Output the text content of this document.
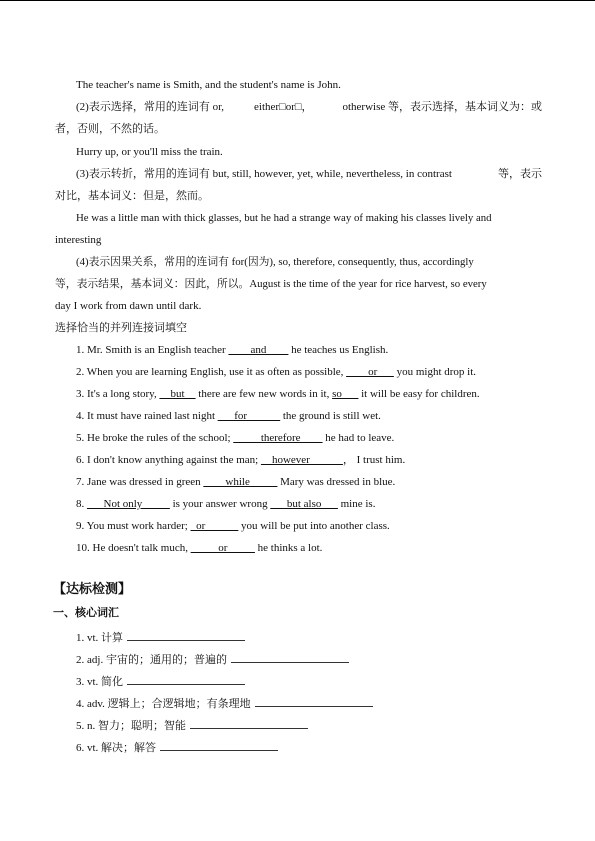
The teacher's name is Smith, and the student's name is John.
(2)表示选择，常用的连词有 or,	either□or□，	otherwise 等，表示选择，基本词义为：或
者，否则，不然的话。
Hurry up, or you'll miss the train.
(3)表示转折，常用的连词有 but, still, however, yet, while, nevertheless, in contrast	等，表示
对比，基本词义：但是，然而。
He was a little man with thick glasses, but he had a strange way of making his classes lively and
interesting
(4)表示因果关系，常用的连词有 for(因为), so, therefore, consequently, thus, accordingly
等，表示结果，基本词义：因此，所以。August is the time of the year for rice harvest, so every
day I work from dawn until dark.
选择恰当的并列连接词填空
1. Mr. Smith is an English teacher ____and____ he teaches us English.
2. When you are learning English, use it as often as possible, ____or___ you might drop it.
3. It's a long story, __but__ there are few new words in it, so___ it will be easy for children.
4. It must have rained last night ___for______ the ground is still wet.
5. He broke the rules of the school; _____therefore____ he had to leave.
6. I don't know anything against the man; __however______， I trust him.
7. Jane was dressed in green ____while_____ Mary was dressed in blue.
8. ___Not only_____ is your answer wrong ___but also___ mine is.
9. You must work harder; _or______ you will be put into another class.
10. He doesn't talk much, _____or_____ he thinks a lot.
【达标检测】
一、核心词汇
1. vt. 计算
2. adj. 宇宙的；通用的；普遍的
3. vt. 简化
4. adv. 逻辑上；合逻辑地；有条理地
5. n. 智力；聪明；智能
6. vt. 解决；解答
